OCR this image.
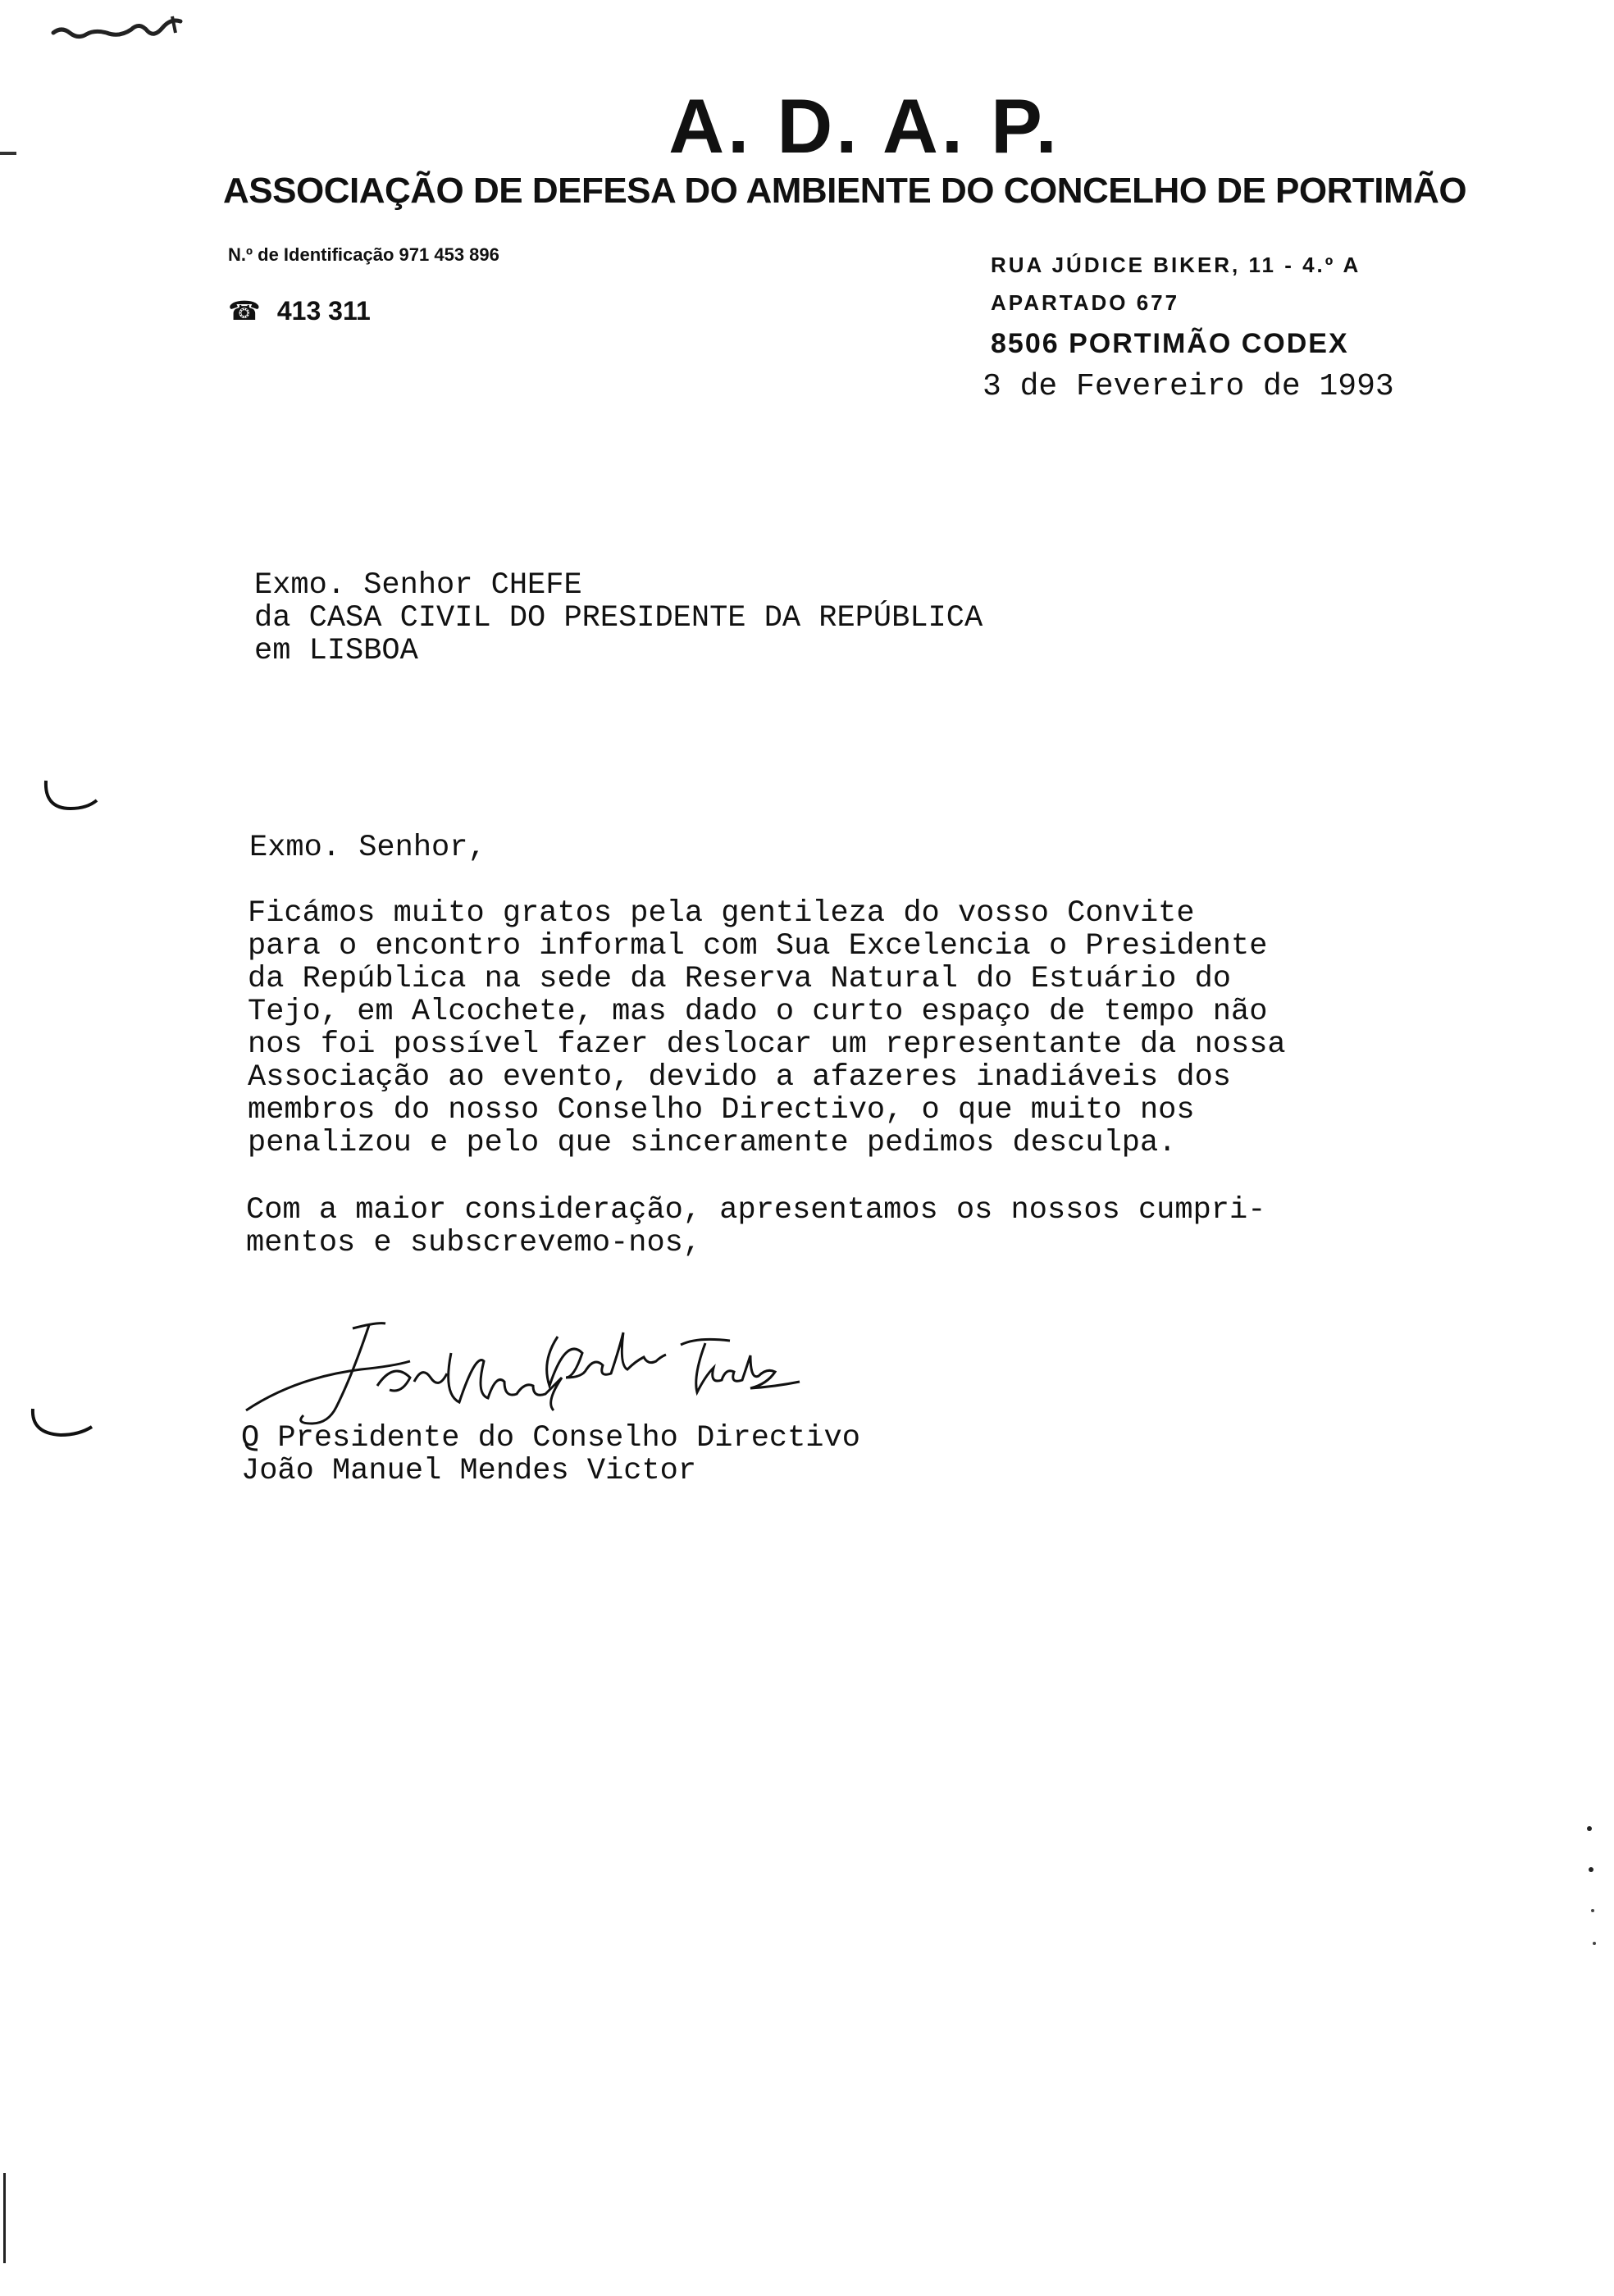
A. D. A. P.
ASSOCIAÇÃO DE DEFESA DO AMBIENTE DO CONCELHO DE PORTIMÃO
N.º de Identificação 971 453 896
☎ 413 311
RUA JÚDICE BIKER, 11 - 4.º A
APARTADO 677
8506 PORTIMÃO CODEX
3 de Fevereiro de 1993
Exmo. Senhor CHEFE
da CASA CIVIL DO PRESIDENTE DA REPÚBLICA
em LISBOA
Exmo. Senhor,
Ficámos muito gratos pela gentileza do vosso Convite
para o encontro informal com Sua Excelencia o Presidente
da República na sede da Reserva Natural do Estuário do
Tejo, em Alcochete, mas dado o curto espaço de tempo não
nos foi possível fazer deslocar um representante da nossa
Associação ao evento, devido a afazeres inadiáveis dos
membros do nosso Conselho Directivo, o que muito nos
penalizou e pelo que sinceramente pedimos desculpa.
Com a maior consideração, apresentamos os nossos cumpri-
mentos e subscrevemo-nos,
O Presidente do Conselho Directivo
João Manuel Mendes Victor
